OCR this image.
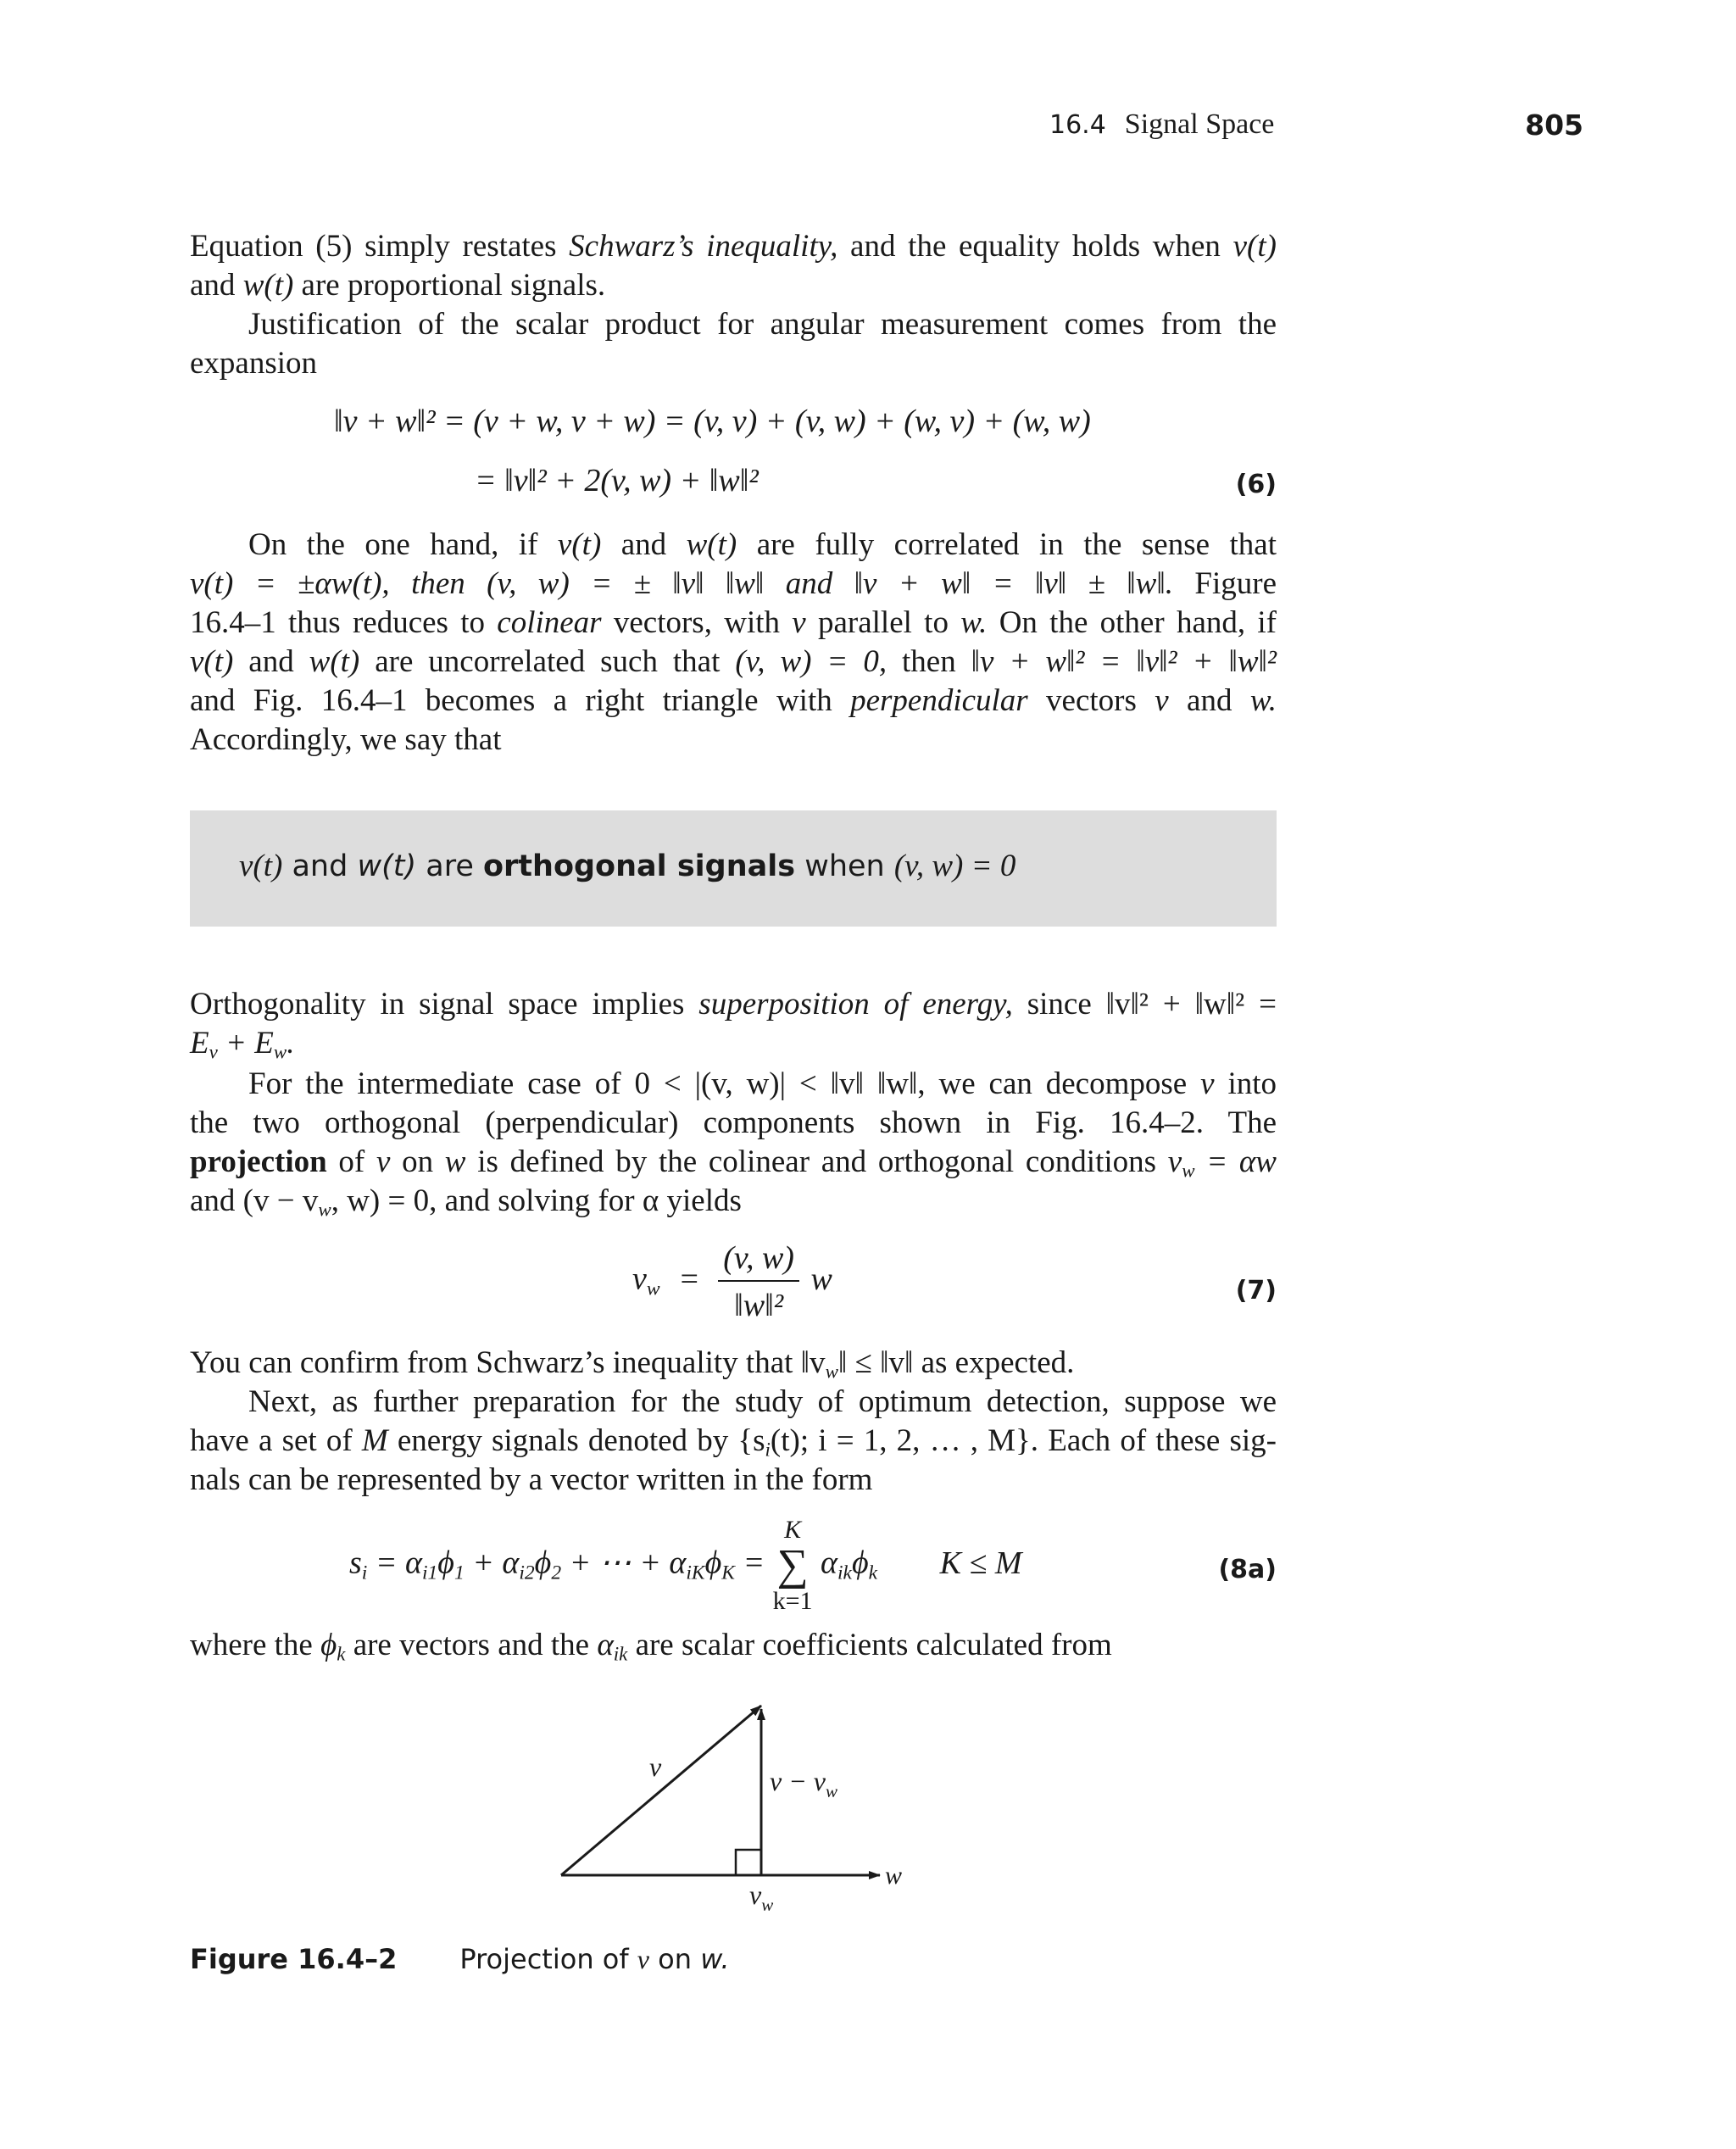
16.4 Signal Space	805
Equation (5) simply restates Schwarz’s inequality, and the equality holds when v(t)
and w(t) are proportional signals.
Justification of the scalar product for angular measurement comes from the expansion
‖v + w‖² = (v + w, v + w) = (v, v) + (v, w) + (w, v) + (w, w)
= ‖v‖² + 2(v, w) + ‖w‖²	(6)
On the one hand, if v(t) and w(t) are fully correlated in the sense that
v(t) = ±αw(t), then (v, w) = ± ‖v‖ ‖w‖ and ‖v + w‖ = ‖v‖ ± ‖w‖. Figure
16.4–1 thus reduces to colinear vectors, with v parallel to w. On the other hand, if
v(t) and w(t) are uncorrelated such that (v, w) = 0, then ‖v + w‖² = ‖v‖² + ‖w‖²
and Fig. 16.4–1 becomes a right triangle with perpendicular vectors v and w.
Accordingly, we say that
v(t) and w(t) are orthogonal signals when (v, w) = 0
Orthogonality in signal space implies superposition of energy, since ‖v‖² + ‖w‖² =
$E_v + E_w$.
For the intermediate case of 0 < |(v, w)| < ‖v‖ ‖w‖, we can decompose v into
the two orthogonal (perpendicular) components shown in Fig. 16.4–2. The
projection of v on w is defined by the colinear and orthogonal conditions $v_w = \alpha w$
and ($v - v_w$, w) = 0, and solving for α yields
$v_w = \frac{(v, w)}{\text{‖w‖²}}$ w	(7)
You can confirm from Schwarz’s inequality that $‖v_w‖$ ≤ ‖v‖ as expected.
Next, as further preparation for the study of optimum detection, suppose we
have a set of M energy signals denoted by {$s_i(t)$; i = 1, 2, … , M}. Each of these sig-
nals can be represented by a vector written in the form
$s_i = \alpha_{i1}\phi_1 + \alpha_{i2}\phi_2$ + ⋯ + $\alpha_{iK}\phi_K = K$
∑
k=1 $\alpha_{ik}\phi_k$ K ≤ M	(8a)
where the $\phi_k$ are vectors and the $\alpha_{ik}$ are scalar coefficients calculated from
v	$v - v_w$
w
$v_w$
Figure 16.4–2 Projection of v on w.
